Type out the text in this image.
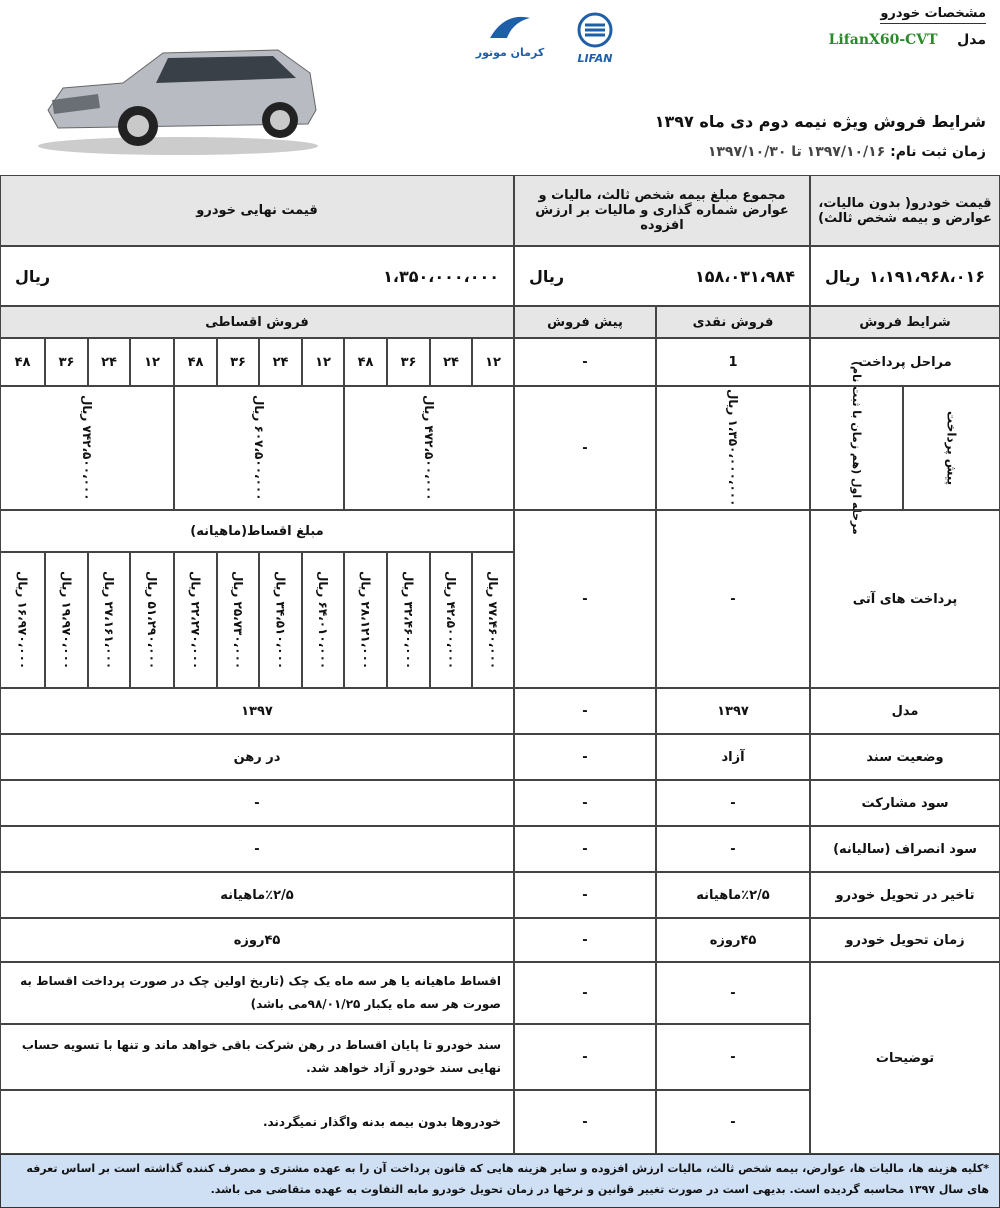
کرمان موتور	LIFAN
مشخصات خودرو
مدل    LifanX60-CVT
شرایط فروش ویژه نیمه دوم دی ماه ۱۳۹۷
زمان ثبت نام: ۱۳۹۷/۱۰/۱۶ تا ۱۳۹۷/۱۰/۳۰
قیمت خودرو( بدون مالیات، عوارض و بیمه شخص ثالث)
مجموع مبلغ بیمه شخص ثالث، مالیات و عوارض شماره گذاری و مالیات بر ارزش افزوده
قیمت نهایی خودرو
۱،۱۹۱،۹۶۸،۰۱۶
ریال
۱۵۸،۰۳۱،۹۸۴
ریال
۱،۳۵۰،۰۰۰،۰۰۰
ریال
شرایط فروش
فروش نقدی
پیش فروش
فروش اقساطی
مراحل پرداخت
1
-
۱۲
۲۴
۳۶
۴۸
۱۲
۲۴
۳۶
۴۸
۱۲
۲۴
۳۶
۴۸
پیش پرداخت
مرحله اول (هم زمان با ثبت نام)
۱،۳۵۰،۰۰۰،۰۰۰ ریال
-
۴۷۲،۵۰۰،۰۰۰ ریال
۶۰۷،۵۰۰،۰۰۰ ریال
۷۴۲،۵۰۰،۰۰۰ ریال
پرداخت های آتی
-
-
مبلغ اقساط(ماهیانه)
۷۷،۴۶۰،۰۰۰ ریال
۴۲،۵۰۰،۰۰۰ ریال
۳۲،۴۶۰،۰۰۰ ریال
۲۸،۱۲۱،۰۰۰ ریال
۶۴،۰۱۰،۰۰۰ ریال
۳۴،۵۱۰،۰۰۰ ریال
۲۵،۷۳۰،۰۰۰ ریال
۲۲،۲۷۰،۰۰۰ ریال
۵۱،۲۹۰،۰۰۰ ریال
۲۷،۱۶۱،۰۰۰ ریال
۱۹،۹۷۰،۰۰۰ ریال
۱۶،۹۷۰،۰۰۰ ریال
مدل
۱۳۹۷
-
۱۳۹۷
وضعیت سند
آزاد
-
در رهن
سود مشارکت
-
-
-
سود انصراف (سالیانه)
-
-
-
تاخیر در تحویل خودرو
٪۲/۵ماهیانه
-
٪۲/۵ماهیانه
زمان تحویل خودرو
۴۵روزه
-
۴۵روزه
توضیحات
-
-
اقساط ماهیانه یا هر سه ماه یک چک (تاریخ اولین چک در صورت پرداخت اقساط به صورت هر سه ماه یکبار ۹۸/۰۱/۲۵می باشد)
-
-
سند خودرو تا پایان اقساط در رهن شرکت باقی خواهد ماند و تنها با تسویه حساب نهایی سند خودرو آزاد خواهد شد.
-
-
خودروها بدون بیمه بدنه واگذار نمیگردند.
*کلیه هزینه ها، مالیات ها، عوارض، بیمه شخص ثالث، مالیات ارزش افزوده و سایر هزینه هایی که قانون پرداخت آن را به عهده مشتری و مصرف کننده گذاشته است بر اساس تعرفه های سال ۱۳۹۷ محاسبه گردیده است. بدیهی است در صورت تغییر قوانین و نرخها در زمان تحویل خودرو مابه التفاوت به عهده متقاضی می باشد.
